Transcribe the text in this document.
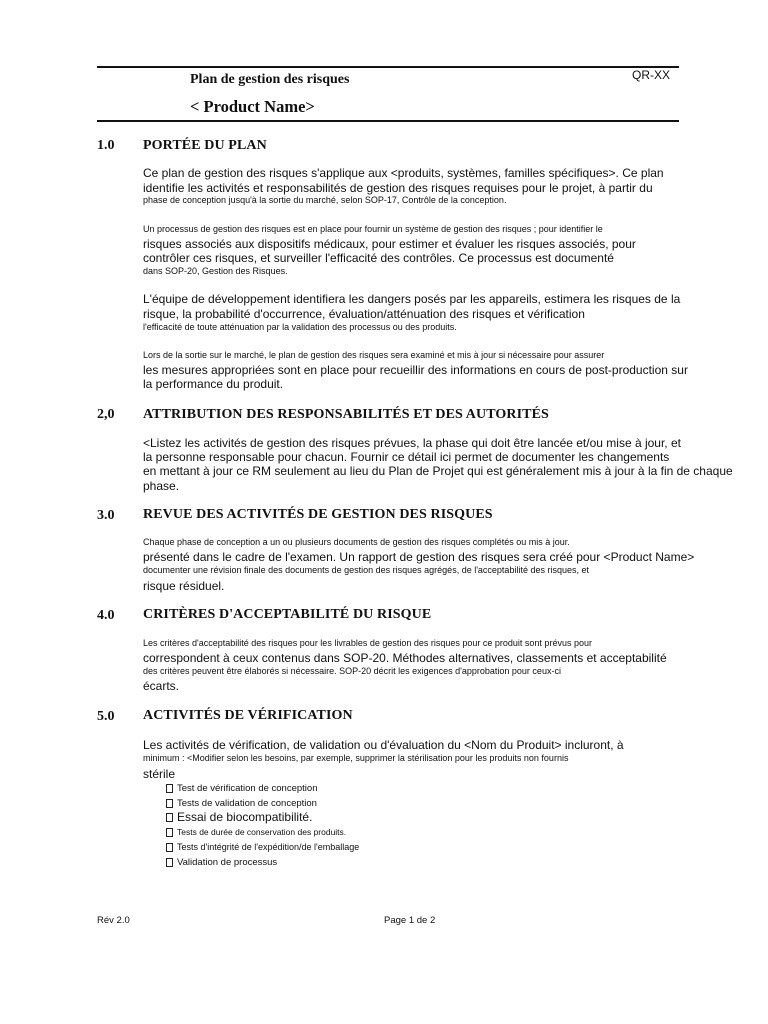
Plan de gestion des risques	QR-XX
< Product Name>
1.0 PORTÉE DU PLAN
Ce plan de gestion des risques s'applique aux <produits, systèmes, familles spécifiques>. Ce plan
identifie les activités et responsabilités de gestion des risques requises pour le projet, à partir du
phase de conception jusqu'à la sortie du marché, selon SOP-17, Contrôle de la conception.
Un processus de gestion des risques est en place pour fournir un système de gestion des risques ; pour identifier le
risques associés aux dispositifs médicaux, pour estimer et évaluer les risques associés, pour
contrôler ces risques, et surveiller l'efficacité des contrôles. Ce processus est documenté
dans SOP-20, Gestion des Risques.
L'équipe de développement identifiera les dangers posés par les appareils, estimera les risques de la
risque, la probabilité d'occurrence, évaluation/atténuation des risques et vérification
l'efficacité de toute atténuation par la validation des processus ou des produits.
Lors de la sortie sur le marché, le plan de gestion des risques sera examiné et mis à jour si nécessaire pour assurer
les mesures appropriées sont en place pour recueillir des informations en cours de post-production sur
la performance du produit.
2,0 ATTRIBUTION DES RESPONSABILITÉS ET DES AUTORITÉS
<Listez les activités de gestion des risques prévues, la phase qui doit être lancée et/ou mise à jour, et
la personne responsable pour chacun. Fournir ce détail ici permet de documenter les changements
en mettant à jour ce RM seulement au lieu du Plan de Projet qui est généralement mis à jour à la fin de chaque
phase.
3.0 REVUE DES ACTIVITÉS DE GESTION DES RISQUES
Chaque phase de conception a un ou plusieurs documents de gestion des risques complétés ou mis à jour.
présenté dans le cadre de l'examen. Un rapport de gestion des risques sera créé pour <Product Name>
documenter une révision finale des documents de gestion des risques agrégés, de l'acceptabilité des risques, et
risque résiduel.
4.0 CRITÈRES D'ACCEPTABILITÉ DU RISQUE
Les critères d'acceptabilité des risques pour les livrables de gestion des risques pour ce produit sont prévus pour
correspondent à ceux contenus dans SOP-20. Méthodes alternatives, classements et acceptabilité
des critères peuvent être élaborés si nécessaire. SOP-20 décrit les exigences d'approbation pour ceux-ci
écarts.
5.0 ACTIVITÉS DE VÉRIFICATION
Les activités de vérification, de validation ou d'évaluation du <Nom du Produit> incluront, à
minimum : <Modifier selon les besoins, par exemple, supprimer la stérilisation pour les produits non fournis
stérile
Test de vérification de conception
Tests de validation de conception
Essai de biocompatibilité.
Tests de durée de conservation des produits.
Tests d'intégrité de l'expédition/de l'emballage
Validation de processus
Rév 2.0	Page 1 de 2
